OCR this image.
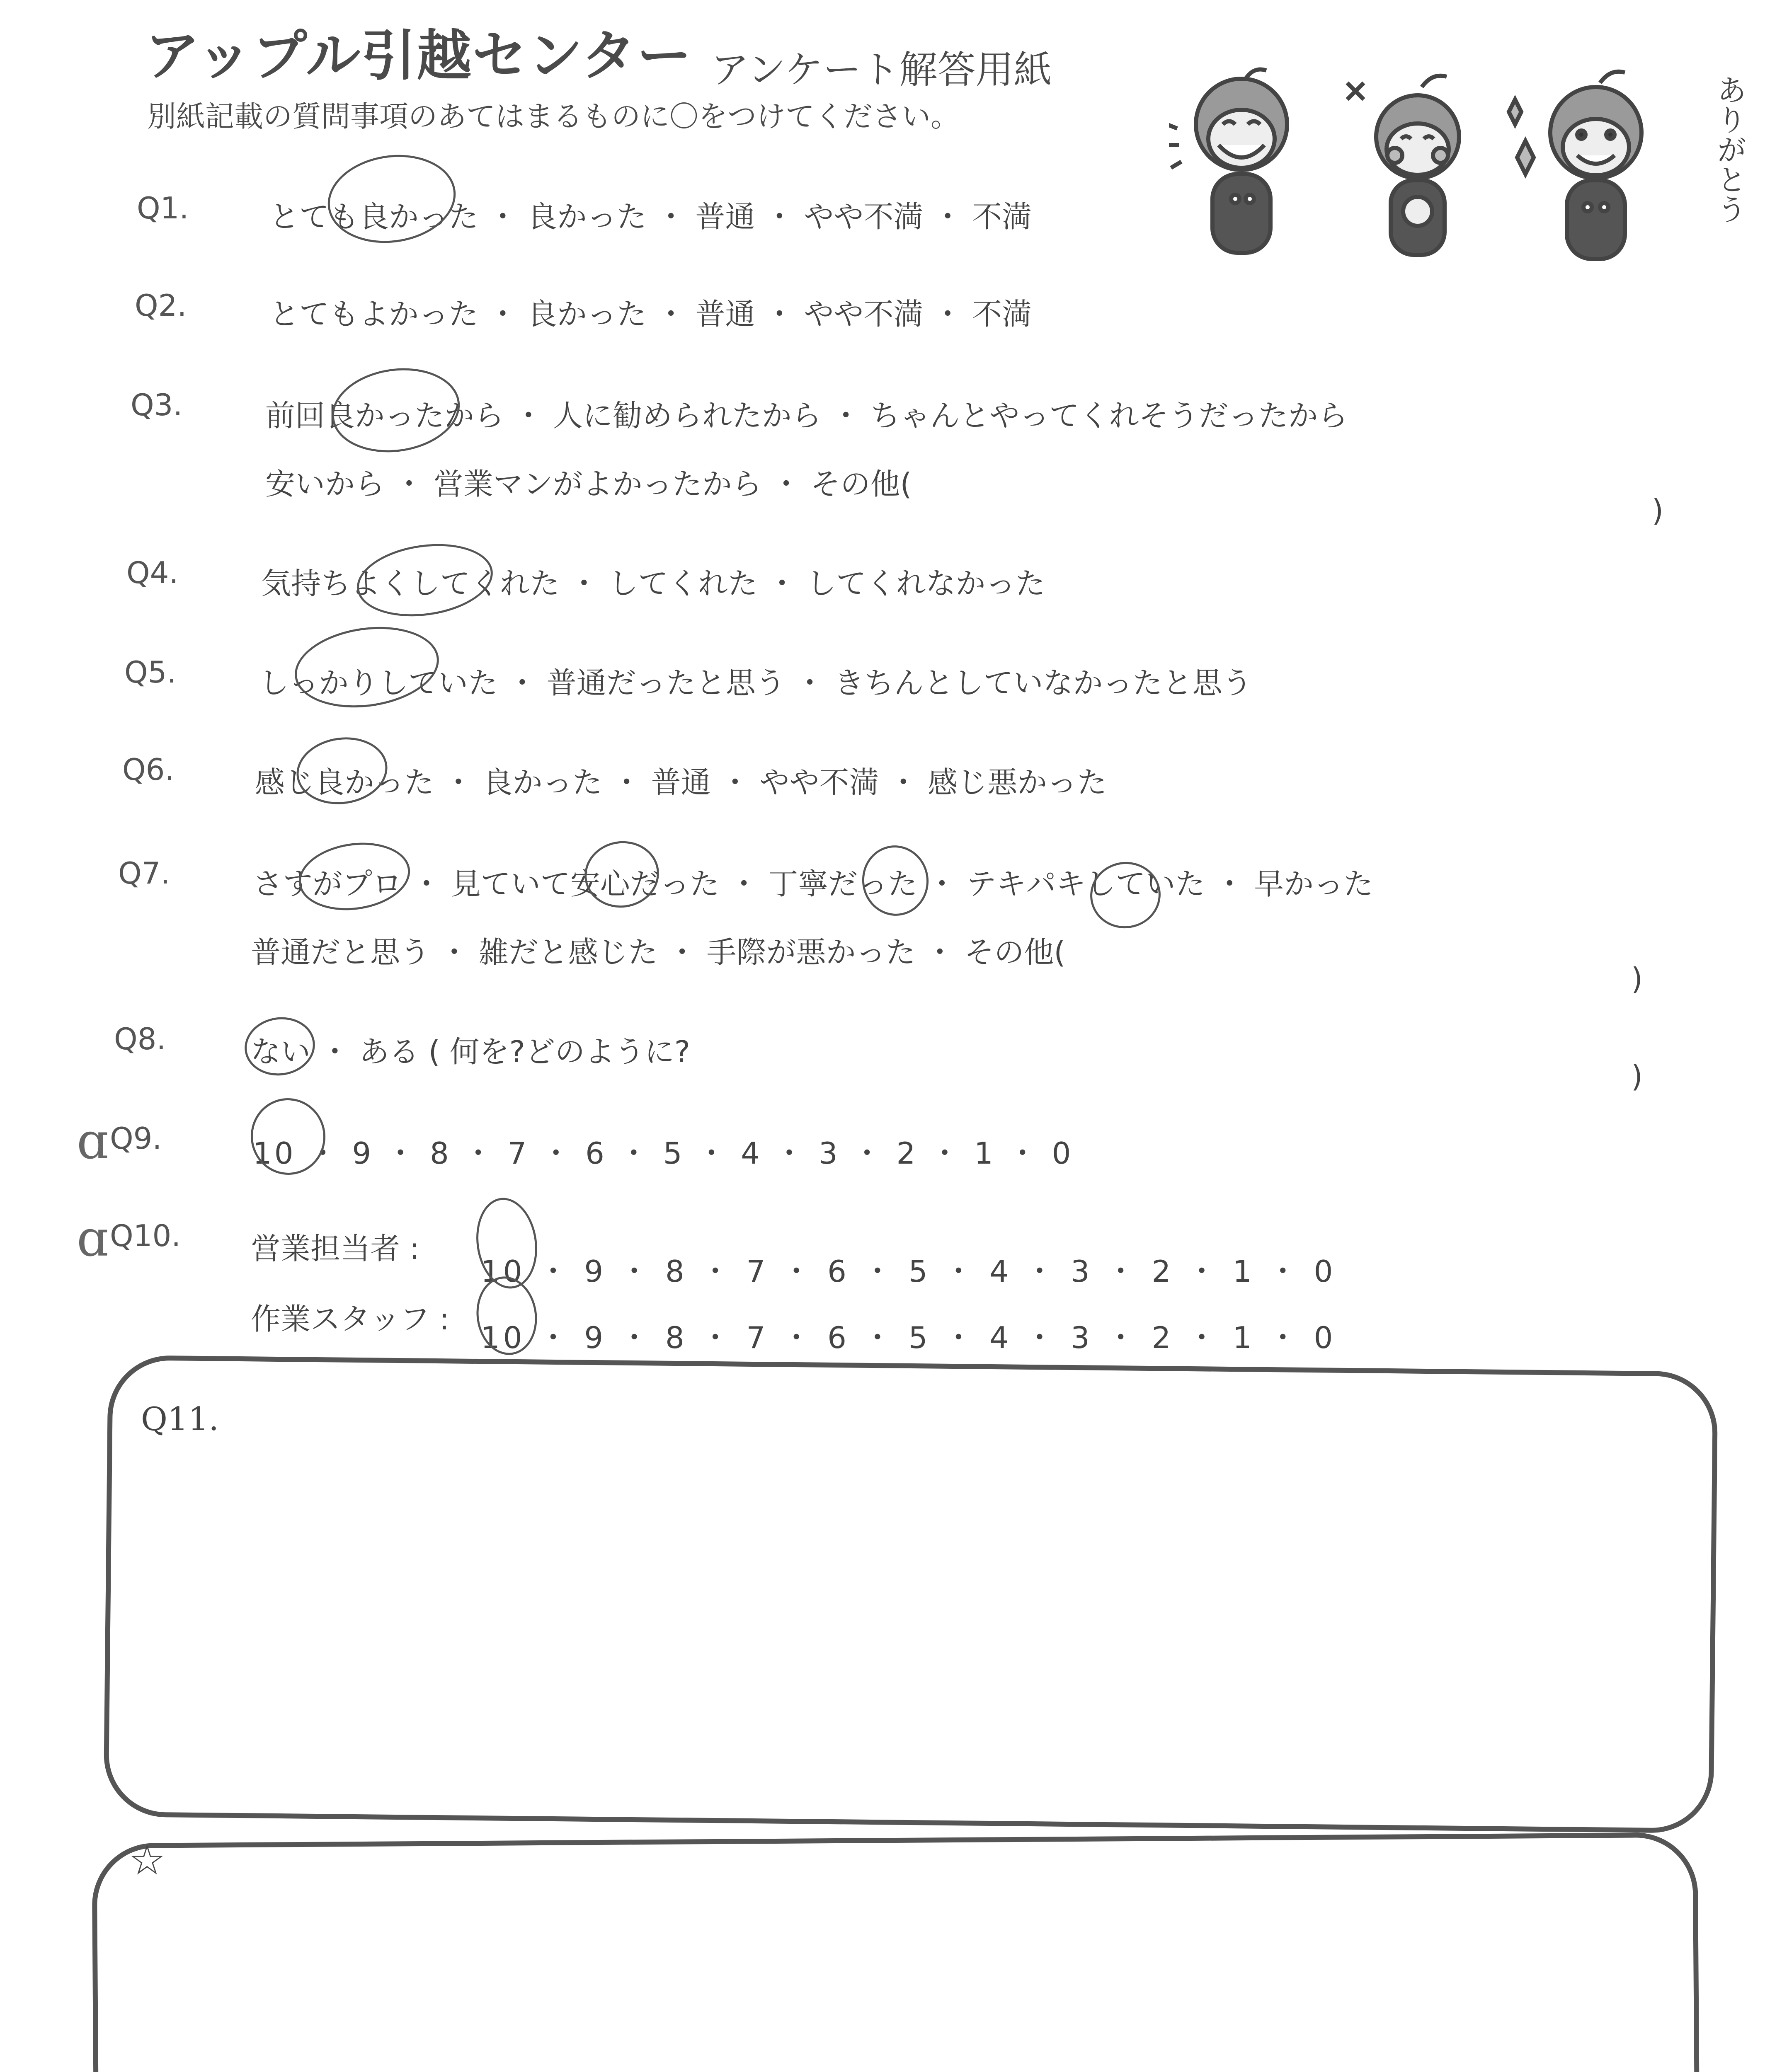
アップル引越センター アンケート解答用紙
別紙記載の質問事項のあてはまるものに〇をつけてください。	ありがとう
ɑ
ɑ
Q1.	とても良かった ・ 良かった ・ 普通 ・ やや不満 ・ 不満
Q2.	とてもよかった ・ 良かった ・ 普通 ・ やや不満 ・ 不満
Q3.	前回良かったから ・ 人に勧められたから ・ ちゃんとやってくれそうだったから
安いから ・ 営業マンがよかったから ・ その他(
)
Q4.	気持ちよくしてくれた ・ してくれた ・ してくれなかった
Q5.	しっかりしていた ・ 普通だったと思う ・ きちんとしていなかったと思う
Q6.	感じ良かった ・ 良かった ・ 普通 ・ やや不満 ・ 感じ悪かった
Q7.	さすがプロ ・ 見ていて安心だった ・ 丁寧だった ・ テキパキしていた ・ 早かった
普通だと思う ・ 雑だと感じた ・ 手際が悪かった ・ その他(
)
Q8.	ない ・ ある ( 何を?どのように?
)
Q9.	10 ・ 9 ・ 8 ・ 7 ・ 6 ・ 5 ・ 4 ・ 3 ・ 2 ・ 1 ・ 0
Q10. 営業担当者 :
10 ・ 9 ・ 8 ・ 7 ・ 6 ・ 5 ・ 4 ・ 3 ・ 2 ・ 1 ・ 0
作業スタッフ :
10 ・ 9 ・ 8 ・ 7 ・ 6 ・ 5 ・ 4 ・ 3 ・ 2 ・ 1 ・ 0
Q11.
☆
